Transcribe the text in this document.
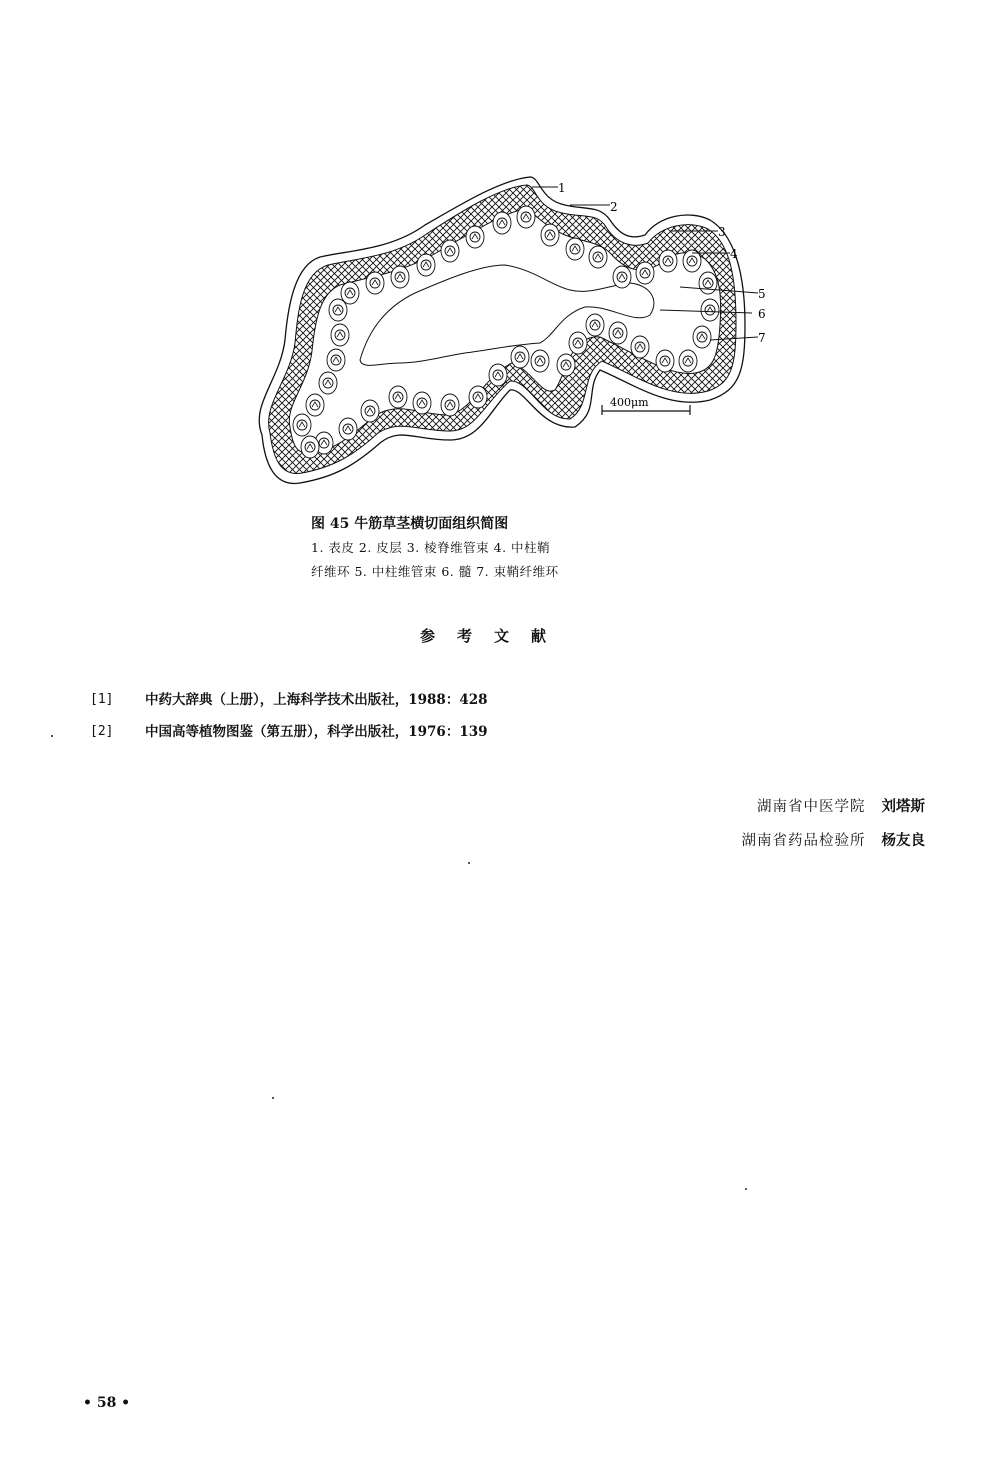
1
2
3
4
5
6
7
400μm
图 45 牛筋草茎横切面组织简图
1. 表皮 2. 皮层 3. 棱脊维管束 4. 中柱鞘
纤维环 5. 中柱维管束 6. 髓 7. 束鞘纤维环
参考文献
[1]	中药大辞典（上册），上海科学技术出版社，1988：428
[2]	中国高等植物图鉴（第五册），科学出版社，1976：139
湖南省中医学院 刘塔斯
湖南省药品检验所 杨友良
• 58 •
